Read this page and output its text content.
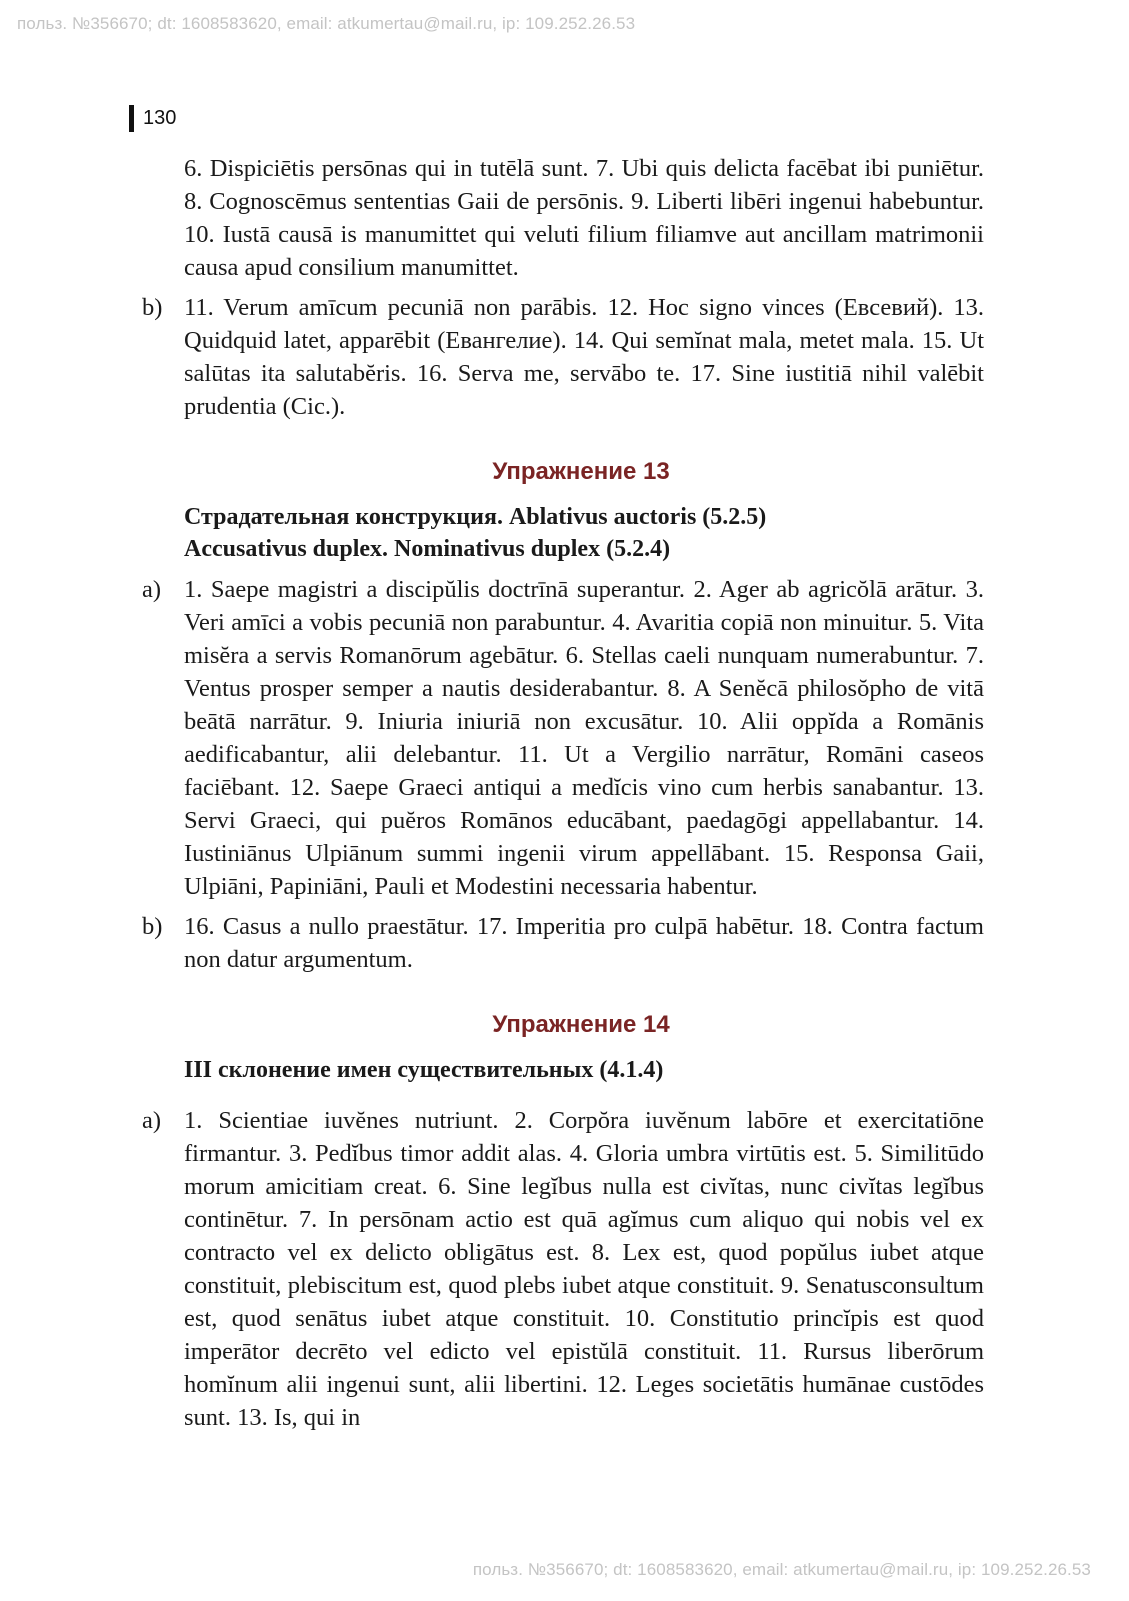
польз. №356670; dt: 1608583620, email: atkumertau@mail.ru, ip: 109.252.26.53
130
6. Dispiciētis persōnas qui in tutēlā sunt. 7. Ubi quis delicta facēbat ibi puniētur. 8. Cognoscēmus sententias Gaii de persōnis. 9. Liberti libēri ingenui habebuntur. 10. Iustā causā is manumittet qui veluti filium filiamve aut ancillam matrimonii causa apud consilium manumittet.
b) 11. Verum amīcum pecuniā non parābis. 12. Hoc signo vinces (Евсевий). 13. Quidquid latet, apparēbit (Евангелие). 14. Qui semĭnat mala, metet mala. 15. Ut salūtas ita salutabĕris. 16. Serva me, servābo te. 17. Sine iustitiā nihil valēbit prudentia (Cic.).
Упражнение 13
Страдательная конструкция. Ablativus auctoris (5.2.5)
Accusativus duplex. Nominativus duplex (5.2.4)
a) 1. Saepe magistri a discipŭlis doctrīnā superantur. 2. Ager ab agricŏlā arātur. 3. Veri amīci a vobis pecuniā non parabuntur. 4. Avaritia copiā non minuitur. 5. Vita misĕra a servis Romanōrum agebātur. 6. Stellas caeli nunquam numerabuntur. 7. Ventus prosper semper a nautis desiderabantur. 8. A Senĕcā philosŏpho de vitā beātā narrātur. 9. Iniuria iniuriā non excusātur. 10. Alii oppĭda a Romānis aedificabantur, alii delebantur. 11. Ut a Vergilio narrātur, Romāni caseos faciēbant. 12. Saepe Graeci antiqui a medĭcis vino cum herbis sanabantur. 13. Servi Graeci, qui puĕros Romānos educābant, paedagōgi appellabantur. 14. Iustiniānus Ulpiānum summi ingenii virum appellābant. 15. Responsa Gaii, Ulpiāni, Papiniāni, Pauli et Modestini necessaria habentur.
b) 16. Casus a nullo praestātur. 17. Imperitia pro culpā habētur. 18. Contra factum non datur argumentum.
Упражнение 14
III склонение имен существительных (4.1.4)
a) 1. Scientiae iuvĕnes nutriunt. 2. Corpŏra iuvĕnum labōre et exercitatiōne firmantur. 3. Pedĭbus timor addit alas. 4. Gloria umbra virtūtis est. 5. Similitūdo morum amicitiam creat. 6. Sine legĭbus nulla est civĭtas, nunc civĭtas legĭbus continētur. 7. In persōnam actio est quā agĭmus cum aliquo qui nobis vel ex contracto vel ex delicto obligātus est. 8. Lex est, quod popŭlus iubet atque constituit, plebiscitum est, quod plebs iubet atque constituit. 9. Senatusconsultum est, quod senātus iubet atque constituit. 10. Constitutio princĭpis est quod imperātor decrēto vel edicto vel epistŭlā constituit. 11. Rursus liberōrum homĭnum alii ingenui sunt, alii libertini. 12. Leges societātis humānae custōdes sunt. 13. Is, qui in
польз. №356670; dt: 1608583620, email: atkumertau@mail.ru, ip: 109.252.26.53
